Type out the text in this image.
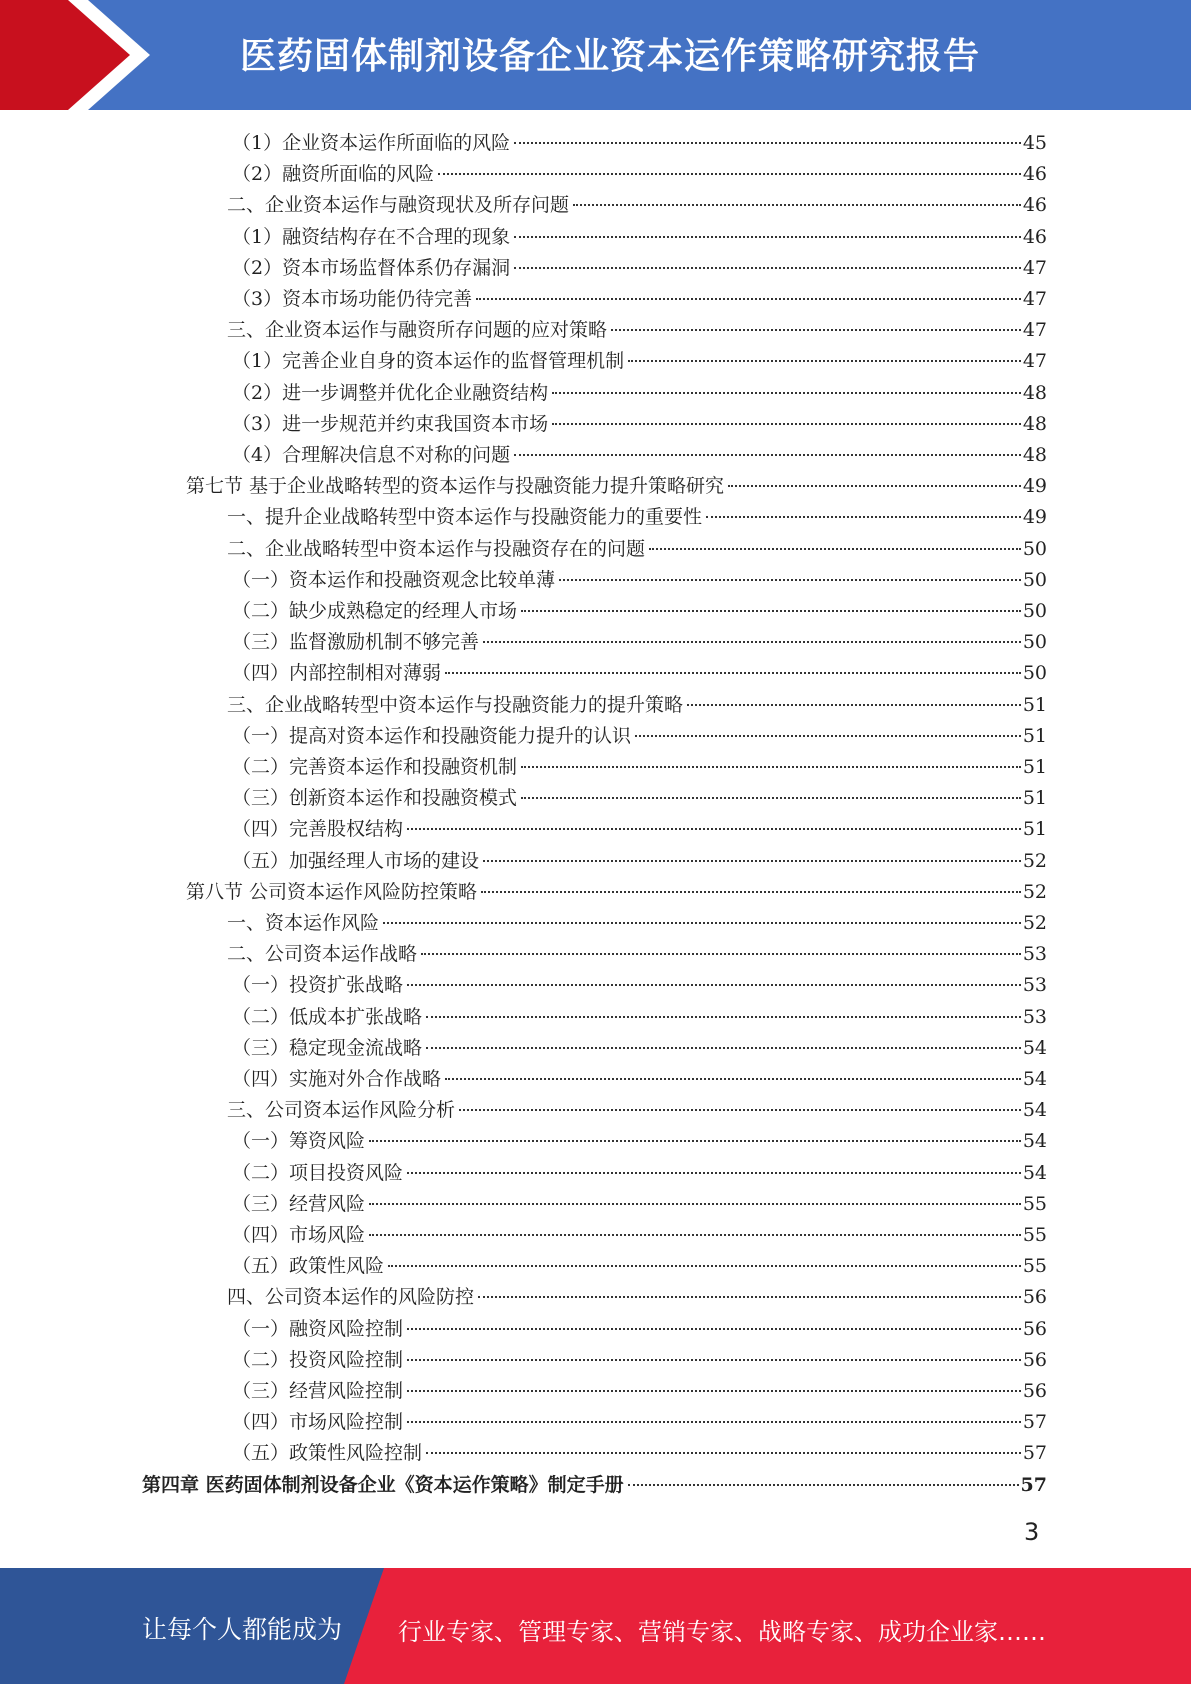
医药固体制剂设备企业资本运作策略研究报告
（1）企业资本运作所面临的风险	45
（2）融资所面临的风险	46
二、企业资本运作与融资现状及所存问题	46
（1）融资结构存在不合理的现象	46
（2）资本市场监督体系仍存漏洞	47
（3）资本市场功能仍待完善	47
三、企业资本运作与融资所存问题的应对策略	47
（1）完善企业自身的资本运作的监督管理机制	47
（2）进一步调整并优化企业融资结构	48
（3）进一步规范并约束我国资本市场	48
（4）合理解决信息不对称的问题	48
第七节 基于企业战略转型的资本运作与投融资能力提升策略研究	49
一、提升企业战略转型中资本运作与投融资能力的重要性	49
二、企业战略转型中资本运作与投融资存在的问题	50
（一）资本运作和投融资观念比较单薄	50
（二）缺少成熟稳定的经理人市场	50
（三）监督激励机制不够完善	50
（四）内部控制相对薄弱	50
三、企业战略转型中资本运作与投融资能力的提升策略	51
（一）提高对资本运作和投融资能力提升的认识	51
（二）完善资本运作和投融资机制	51
（三）创新资本运作和投融资模式	51
（四）完善股权结构	51
（五）加强经理人市场的建设	52
第八节 公司资本运作风险防控策略	52
一、资本运作风险	52
二、公司资本运作战略	53
（一）投资扩张战略	53
（二）低成本扩张战略	53
（三）稳定现金流战略	54
（四）实施对外合作战略	54
三、公司资本运作风险分析	54
（一）筹资风险	54
（二）项目投资风险	54
（三）经营风险	55
（四）市场风险	55
（五）政策性风险	55
四、公司资本运作的风险防控	56
（一）融资风险控制	56
（二）投资风险控制	56
（三）经营风险控制	56
（四）市场风险控制	57
（五）政策性风险控制	57
第四章 医药固体制剂设备企业《资本运作策略》制定手册	57
3
让每个人都能成为 行业专家、管理专家、营销专家、战略专家、成功企业家……
